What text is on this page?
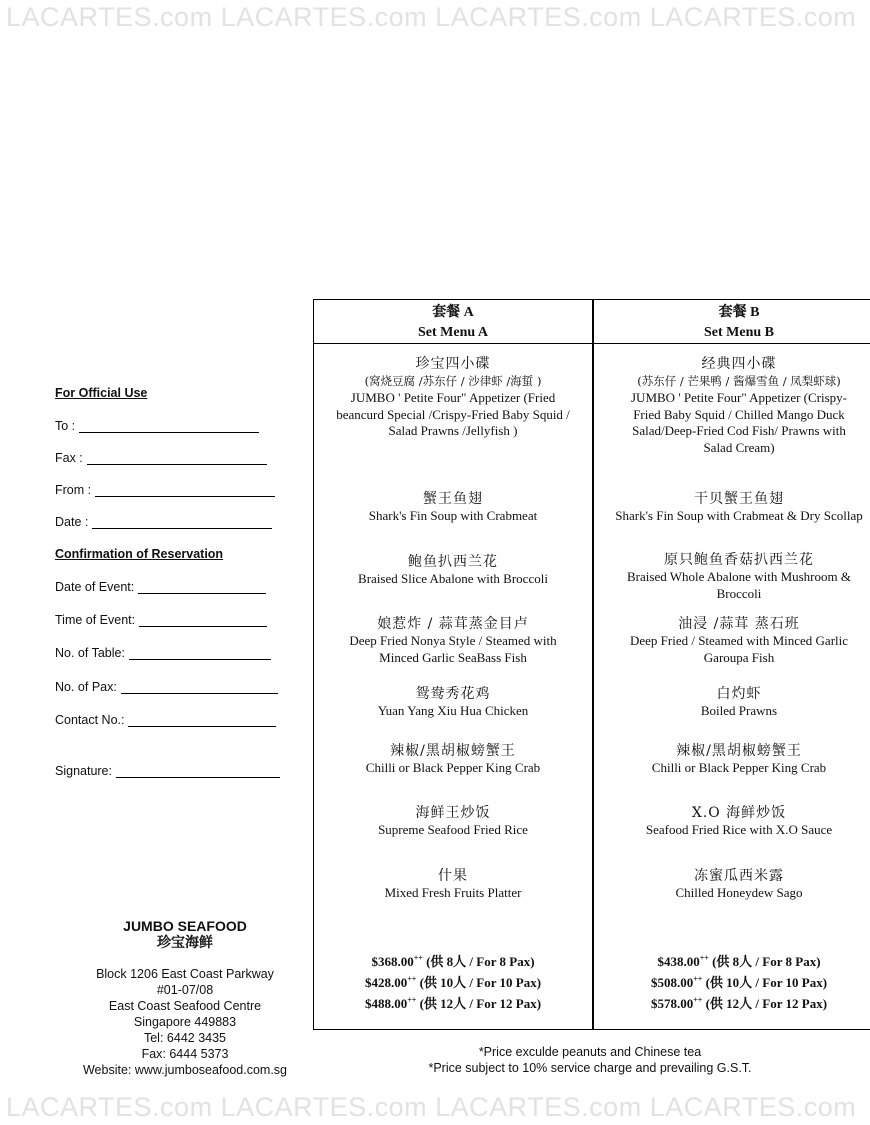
LACARTES.com LACARTES.com LACARTES.com LACARTES.com
For Official Use
To :
Fax :
From :
Date :
Confirmation of Reservation
Date of Event:
Time of Event:
No. of Table:
No. of Pax:
Contact No.:
Signature:
JUMBO SEAFOOD
珍宝海鲜
Block 1206 East Coast Parkway
#01-07/08
East Coast Seafood Centre
Singapore 449883
Tel: 6442 3435
Fax: 6444 5373
Website: www.jumboseafood.com.sg
套餐 A
Set Menu A
珍宝四小碟
(窝烧豆腐 /苏东仔 / 沙律虾 /海蜇 )
JUMBO ' Petite Four" Appetizer (Fried
beancurd Special /Crispy-Fried Baby Squid /
Salad Prawns /Jellyfish )
蟹王鱼翅
Shark's Fin Soup with Crabmeat
鲍鱼扒西兰花
Braised Slice Abalone with Broccoli
娘惹炸 / 蒜茸蒸金目卢
Deep Fried Nonya Style / Steamed with
Minced Garlic SeaBass Fish
鸳鸯秀花鸡
Yuan Yang Xiu Hua Chicken
辣椒/黑胡椒螃蟹王
Chilli or Black Pepper King Crab
海鲜王炒饭
Supreme Seafood Fried Rice
什果
Mixed Fresh Fruits Platter
$368.00++ (供 8人 / For 8 Pax)
$428.00++ (供 10人 / For 10 Pax)
$488.00++ (供 12人 / For 12 Pax)
套餐 B
Set Menu B
经典四小碟
(苏东仔 / 芒果鸭 / 酱爆雪鱼 / 凤梨虾球)
JUMBO ' Petite Four" Appetizer (Crispy-
Fried Baby Squid / Chilled Mango Duck
Salad/Deep-Fried Cod Fish/ Prawns with
Salad Cream)
干贝蟹王鱼翅
Shark's Fin Soup with Crabmeat & Dry Scollap
原只鲍鱼香菇扒西兰花
Braised Whole Abalone with Mushroom &
Broccoli
油浸 /蒜茸 蒸石班
Deep Fried / Steamed with Minced Garlic
Garoupa Fish
白灼虾
Boiled Prawns
辣椒/黑胡椒螃蟹王
Chilli or Black Pepper King Crab
X.O 海鲜炒饭
Seafood Fried Rice with X.O Sauce
冻蜜瓜西米露
Chilled Honeydew Sago
$438.00++ (供 8人 / For 8 Pax)
$508.00++ (供 10人 / For 10 Pax)
$578.00++ (供 12人 / For 12 Pax)
*Price exculde peanuts and Chinese tea
*Price subject to 10% service charge and prevailing G.S.T.
LACARTES.com LACARTES.com LACARTES.com LACARTES.com
